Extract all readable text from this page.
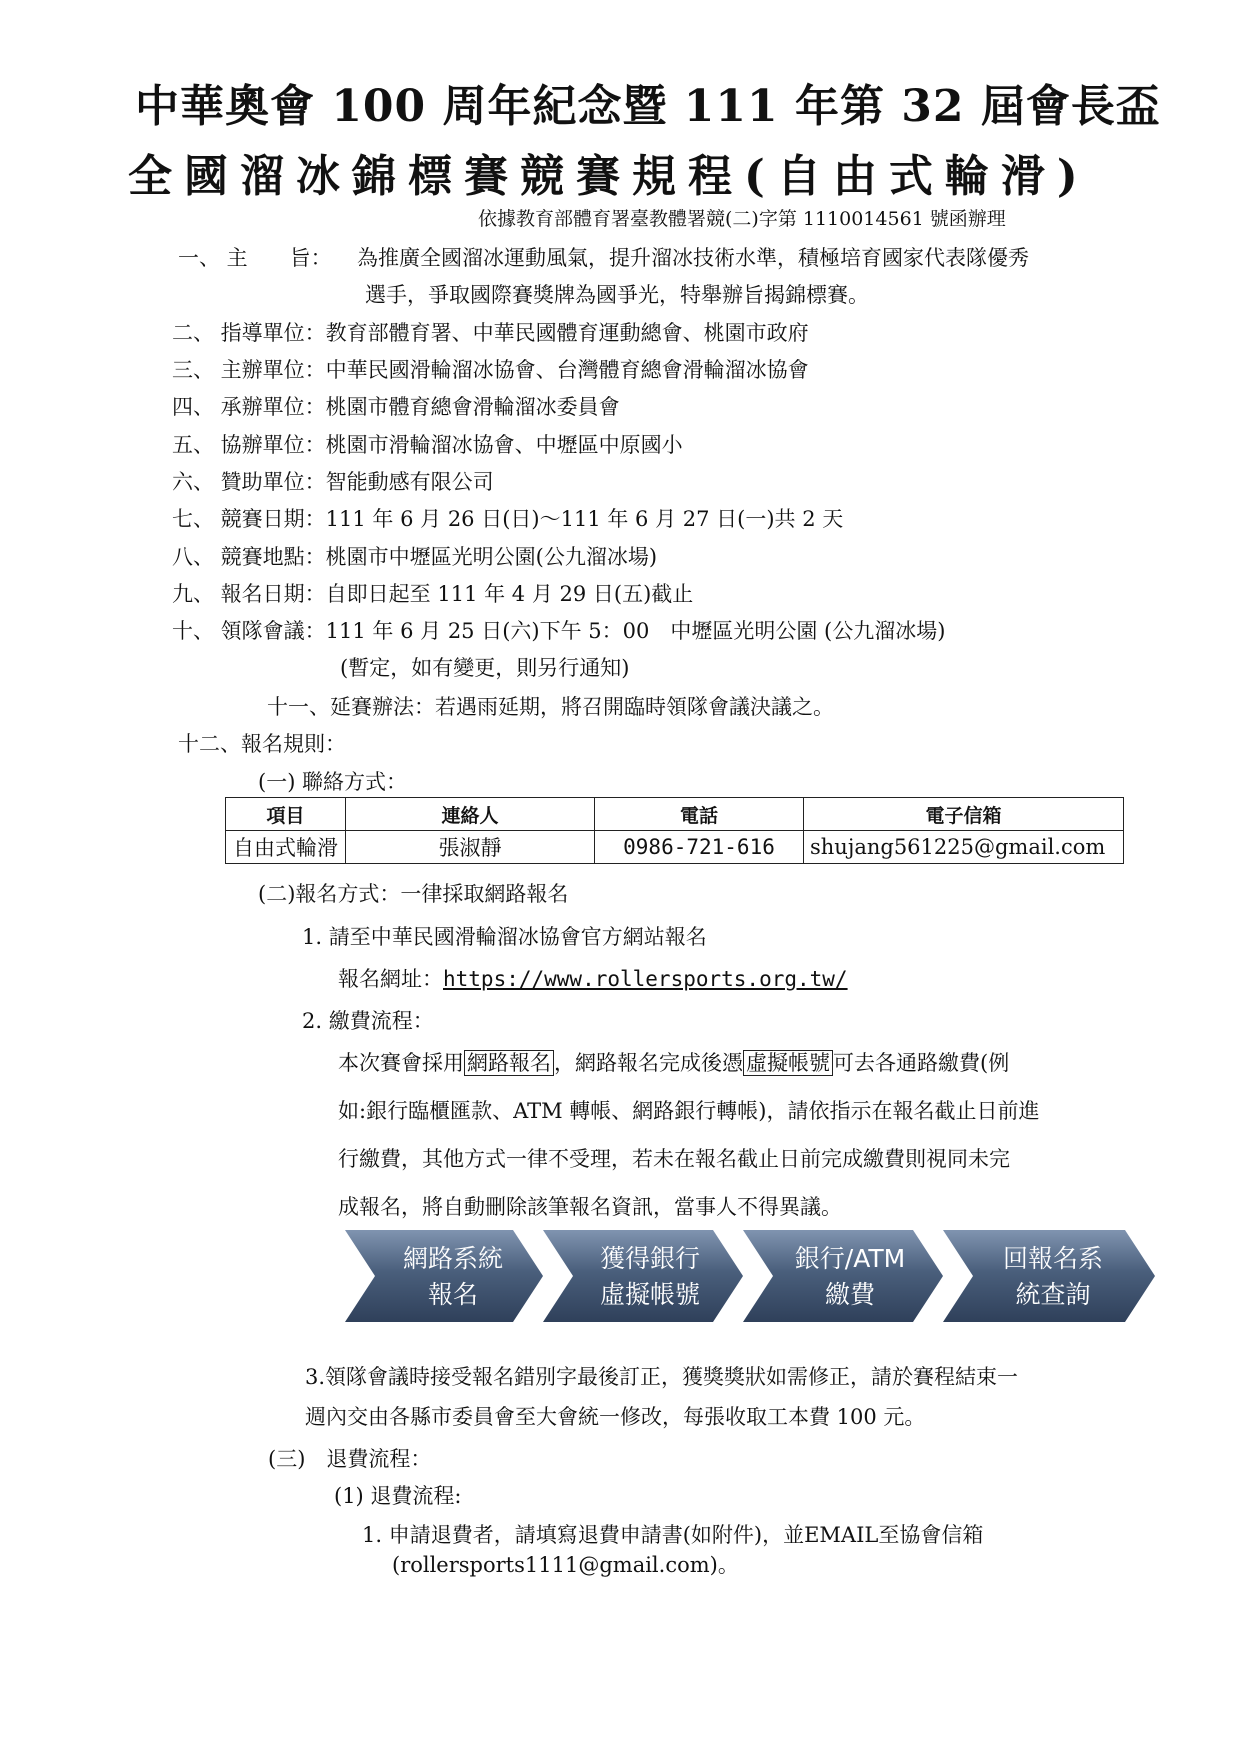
中華奧會 100 周年紀念暨 111 年第 32 屆會長盃
全國溜冰錦標賽競賽規程(自由式輪滑)
依據教育部體育署臺教體署競(二)字第 1110014561 號函辦理
一、 主　　旨： 為推廣全國溜冰運動風氣，提升溜冰技術水準，積極培育國家代表隊優秀
選手，爭取國際賽獎牌為國爭光，特舉辦旨揭錦標賽。
二、 指導單位：教育部體育署、中華民國體育運動總會、桃園市政府
三、 主辦單位：中華民國滑輪溜冰協會、台灣體育總會滑輪溜冰協會
四、 承辦單位：桃園市體育總會滑輪溜冰委員會
五、 協辦單位：桃園市滑輪溜冰協會、中壢區中原國小
六、 贊助單位：智能動感有限公司
七、 競賽日期：111 年 6 月 26 日(日)～111 年 6 月 27 日(一)共 2 天
八、 競賽地點：桃園市中壢區光明公園(公九溜冰場)
九、 報名日期：自即日起至 111 年 4 月 29 日(五)截止
十、 領隊會議：111 年 6 月 25 日(六)下午 5：00　中壢區光明公園 (公九溜冰場)
(暫定，如有變更，則另行通知)
十一、延賽辦法：若遇雨延期，將召開臨時領隊會議決議之。
十二、報名規則：
(一) 聯絡方式：
項目	連絡人	電話	電子信箱
自由式輪滑	張淑靜	0986-721-616	shujang561225@gmail.com
(二)報名方式：一律採取網路報名
1. 請至中華民國滑輪溜冰協會官方網站報名
報名網址：https://www.rollersports.org.tw/
2. 繳費流程：
本次賽會採用 網路報名 ，網路報名完成後憑 虛擬帳號 可去各通路繳費(例
如:銀行臨櫃匯款、ATM 轉帳、網路銀行轉帳)，請依指示在報名截止日前進
行繳費，其他方式一律不受理，若未在報名截止日前完成繳費則視同未完
成報名，將自動刪除該筆報名資訊，當事人不得異議。
網路系統
報名
獲得銀行
虛擬帳號
銀行/ATM
繳費
回報名系
統查詢
3.領隊會議時接受報名錯別字最後訂正，獲獎獎狀如需修正，請於賽程結束一
週內交由各縣市委員會至大會統一修改，每張收取工本費 100 元。
(三)　退費流程：
(1) 退費流程:
1. 申請退費者，請填寫退費申請書(如附件)，並EMAIL至協會信箱
(rollersports1111@gmail.com)。
